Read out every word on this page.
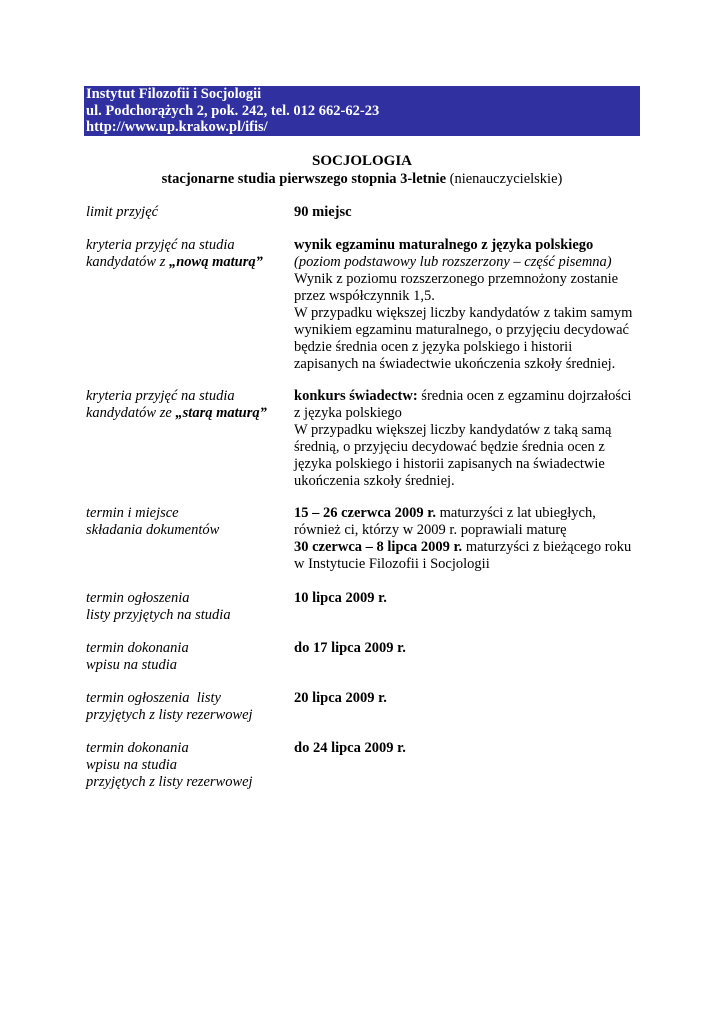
Instytut Filozofii i Socjologii
ul. Podchorążych 2, pok. 242, tel. 012 662-62-23
http://www.up.krakow.pl/ifis/
SOCJOLOGIA
stacjonarne studia pierwszego stopnia 3-letnie (nienauczycielskie)
limit przyjęć	90 miejsc
kryteria przyjęć na studia
kandydatów z „nową maturą”
wynik egzaminu maturalnego z języka polskiego
(poziom podstawowy lub rozszerzony – część pisemna)
Wynik z poziomu rozszerzonego przemnożony zostanie
przez współczynnik 1,5.
W przypadku większej liczby kandydatów z takim samym
wynikiem egzaminu maturalnego, o przyjęciu decydować
będzie średnia ocen z języka polskiego i historii
zapisanych na świadectwie ukończenia szkoły średniej.
kryteria przyjęć na studia
kandydatów ze „starą maturą”
konkurs świadectw: średnia ocen z egzaminu dojrzałości
z języka polskiego
W przypadku większej liczby kandydatów z taką samą
średnią, o przyjęciu decydować będzie średnia ocen z
języka polskiego i historii zapisanych na świadectwie
ukończenia szkoły średniej.
termin i miejsce
składania dokumentów
15 – 26 czerwca 2009 r. maturzyści z lat ubiegłych,
również ci, którzy w 2009 r. poprawiali maturę
30 czerwca – 8 lipca 2009 r. maturzyści z bieżącego roku
w Instytucie Filozofii i Socjologii
termin ogłoszenia
listy przyjętych na studia
10 lipca 2009 r.
termin dokonania
wpisu na studia
do 17 lipca 2009 r.
termin ogłoszenia  listy
przyjętych z listy rezerwowej
20 lipca 2009 r.
termin dokonania
wpisu na studia
przyjętych z listy rezerwowej
do 24 lipca 2009 r.
